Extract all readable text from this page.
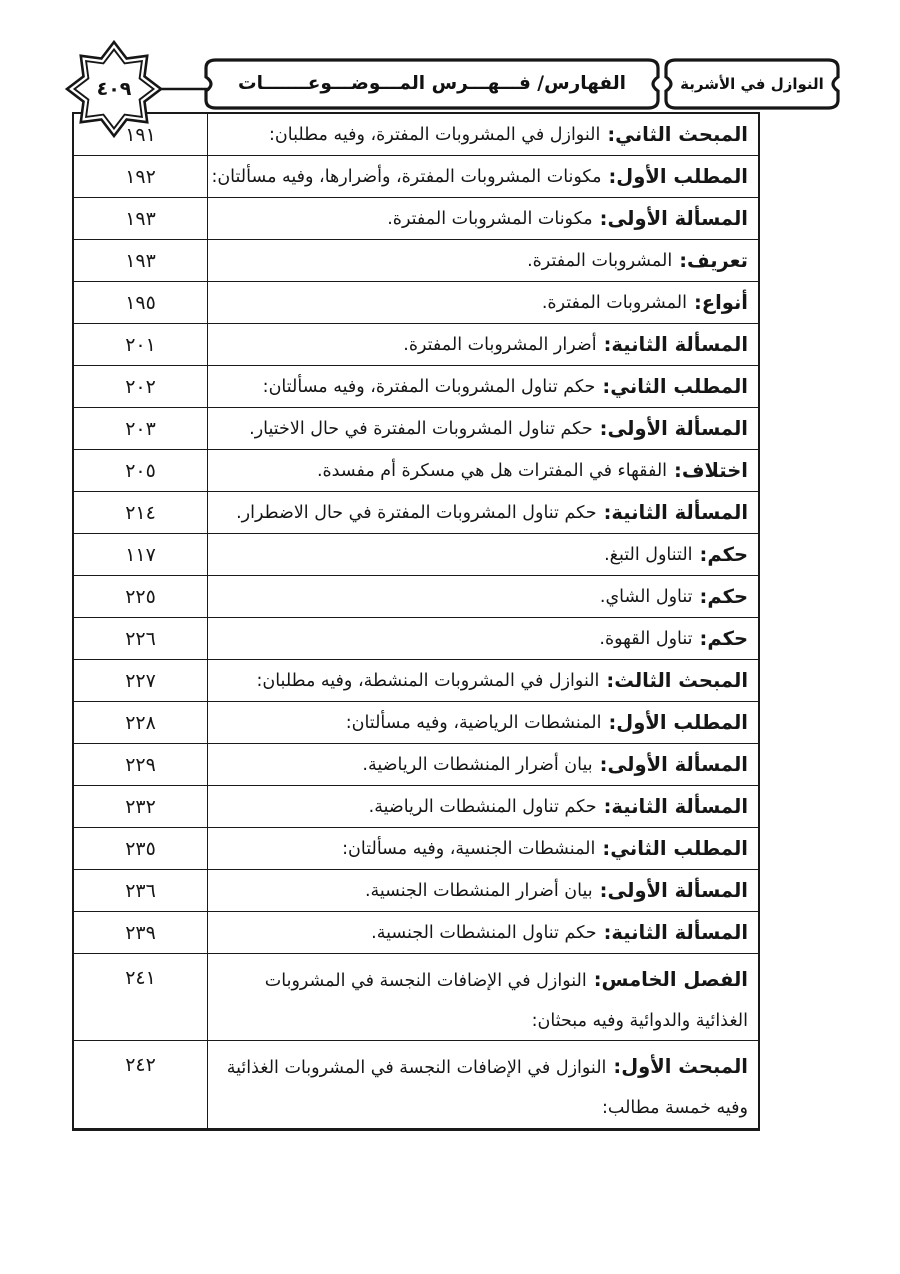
٤٠٩	الفهارس/ فـــهـــرس المـــوضـــوعـــــــات	النوازل في الأشربة
المبحث الثاني:
النوازل في المشروبات المفترة، وفيه مطلبان:
١٩١
المطلب الأول:
مكونات المشروبات المفترة، وأضرارها، وفيه مسألتان:
١٩٢
المسألة الأولى:
مكونات المشروبات المفترة.
١٩٣
تعريف:
المشروبات المفترة.
١٩٣
أنواع:
المشروبات المفترة.
١٩٥
المسألة الثانية:
أضرار المشروبات المفترة.
٢٠١
المطلب الثاني:
حكم تناول المشروبات المفترة، وفيه مسألتان:
٢٠٢
المسألة الأولى:
حكم تناول المشروبات المفترة في حال الاختيار.
٢٠٣
اختلاف:
الفقهاء في المفترات هل هي مسكرة أم مفسدة.
٢٠٥
المسألة الثانية:
حكم تناول المشروبات المفترة في حال الاضطرار.
٢١٤
حكم:
التناول التبغ.
١١٧
حكم:
تناول الشاي.
٢٢٥
حكم:
تناول القهوة.
٢٢٦
المبحث الثالث:
النوازل في المشروبات المنشطة، وفيه مطلبان:
٢٢٧
المطلب الأول:
المنشطات الرياضية، وفيه مسألتان:
٢٢٨
المسألة الأولى:
بيان أضرار المنشطات الرياضية.
٢٢٩
المسألة الثانية:
حكم تناول المنشطات الرياضية.
٢٣٢
المطلب الثاني:
المنشطات الجنسية، وفيه مسألتان:
٢٣٥
المسألة الأولى:
بيان أضرار المنشطات الجنسية.
٢٣٦
المسألة الثانية:
حكم تناول المنشطات الجنسية.
٢٣٩
الفصل الخامس:النوازل في الإضافات النجسة في المشروبات الغذائية والدوائية وفيه مبحثان:
٢٤١
المبحث الأول:النوازل في الإضافات النجسة في المشروبات الغذائية وفيه خمسة مطالب:
٢٤٢
